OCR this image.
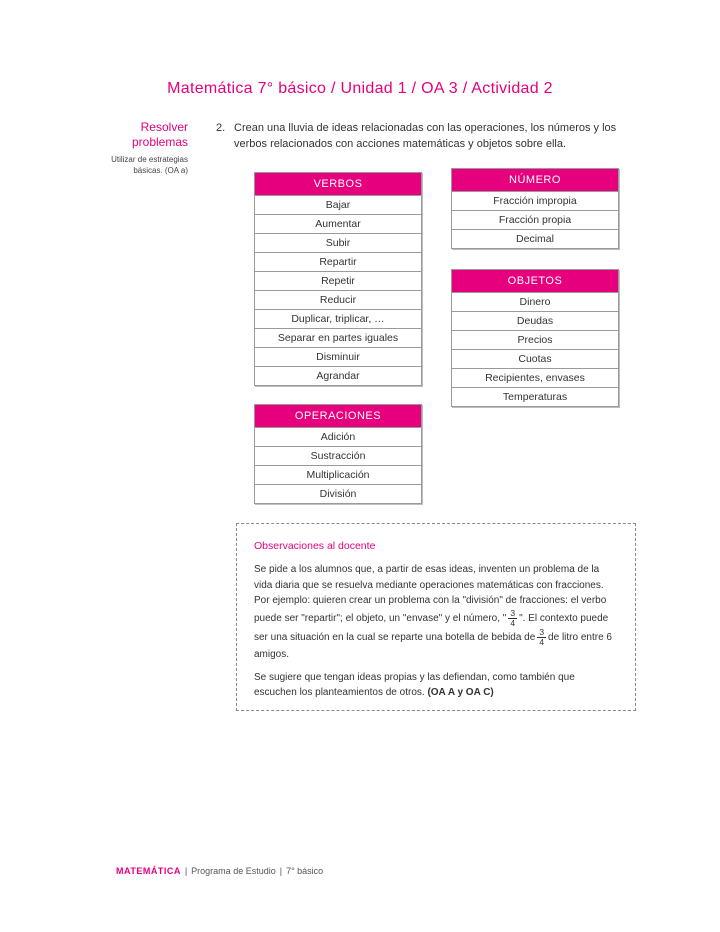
Matemática 7° básico / Unidad 1 / OA 3 / Actividad 2
Resolver problemas
Utilizar de estrategias básicas. (OA a)
2. Crean una lluvia de ideas relacionadas con las operaciones, los números y los verbos relacionados con acciones matemáticas y objetos sobre ella.
VERBOS
Bajar
Aumentar
Subir
Repartir
Repetir
Reducir
Duplicar, triplicar, …
Separar en partes iguales
Disminuir
Agrandar
NÚMERO
Fracción impropia
Fracción propia
Decimal
OBJETOS
Dinero
Deudas
Precios
Cuotas
Recipientes, envases
Temperaturas
OPERACIONES
Adición
Sustracción
Multiplicación
División
Observaciones al docente

Se pide a los alumnos que, a partir de esas ideas, inventen un problema de la vida diaria que se resuelva mediante operaciones matemáticas con fracciones. Por ejemplo: quieren crear un problema con la "división" de fracciones: el verbo puede ser "repartir"; el objeto, un "envase" y el número, " $\frac{3}{4}$ ". El contexto puede ser una situación en la cual se reparte una botella de bebida de $\frac{3}{4}$ de litro entre 6 amigos.

Se sugiere que tengan ideas propias y las defiendan, como también que escuchen los planteamientos de otros. (OA A y OA C)

MATEMÁTICA | Programa de Estudio | 7° básico
